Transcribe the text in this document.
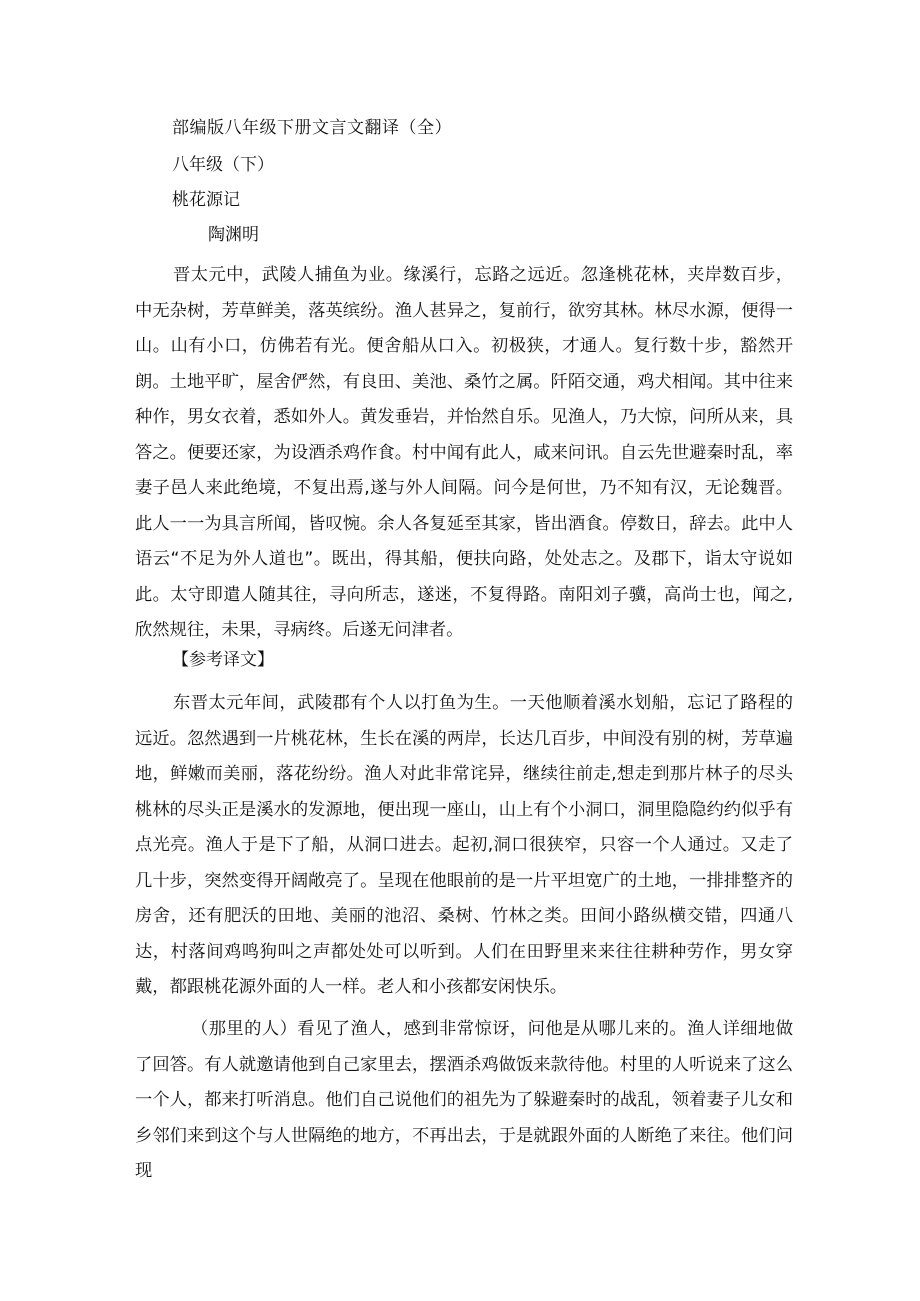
部编版八年级下册文言文翻译（全）
八年级（下）
桃花源记

陶渊明

晋太元中，武陵人捕鱼为业。缘溪行，忘路之远近。忽逢桃花林，夹岸数百步，中无杂树，芳草鲜美，落英缤纷。渔人甚异之，复前行，欲穷其林。林尽水源，便得一山。山有小口，仿佛若有光。便舍船从口入。初极狭，才通人。复行数十步，豁然开朗。土地平旷，屋舍俨然，有良田、美池、桑竹之属。阡陌交通，鸡犬相闻。其中往来种作，男女衣着，悉如外人。黄发垂岩，并怡然自乐。见渔人，乃大惊，问所从来，具答之。便要还家，为设酒杀鸡作食。村中闻有此人，咸来问讯。自云先世避秦时乱，率妻子邑人来此绝境，不复出焉,遂与外人间隔。问今是何世，乃不知有汉，无论魏晋。此人一一为具言所闻，皆叹惋。余人各复延至其家，皆出酒食。停数日，辞去。此中人语云“不足为外人道也”。既出，得其船，便扶向路，处处志之。及郡下，诣太守说如此。太守即遣人随其往，寻向所志，遂迷，不复得路。南阳刘子骥，高尚士也，闻之,欣然规往，未果，寻病终。后遂无问津者。

【参考译文】

东晋太元年间，武陵郡有个人以打鱼为生。一天他顺着溪水划船，忘记了路程的远近。忽然遇到一片桃花林，生长在溪的两岸，长达几百步，中间没有别的树，芳草遍地，鲜嫩而美丽，落花纷纷。渔人对此非常诧异，继续往前走,想走到那片林子的尽头桃林的尽头正是溪水的发源地，便出现一座山，山上有个小洞口，洞里隐隐约约似乎有点光亮。渔人于是下了船，从洞口进去。起初,洞口很狭窄，只容一个人通过。又走了几十步，突然变得开阔敞亮了。呈现在他眼前的是一片平坦宽广的土地，一排排整齐的房舍，还有肥沃的田地、美丽的池沼、桑树、竹林之类。田间小路纵横交错，四通八达，村落间鸡鸣狗叫之声都处处可以听到。人们在田野里来来往往耕种劳作，男女穿戴，都跟桃花源外面的人一样。老人和小孩都安闲快乐。

（那里的人）看见了渔人，感到非常惊讶，问他是从哪儿来的。渔人详细地做了回答。有人就邀请他到自己家里去，摆酒杀鸡做饭来款待他。村里的人听说来了这么一个人，都来打听消息。他们自己说他们的祖先为了躲避秦时的战乱，领着妻子儿女和乡邻们来到这个与人世隔绝的地方，不再出去，于是就跟外面的人断绝了来往。他们问现
